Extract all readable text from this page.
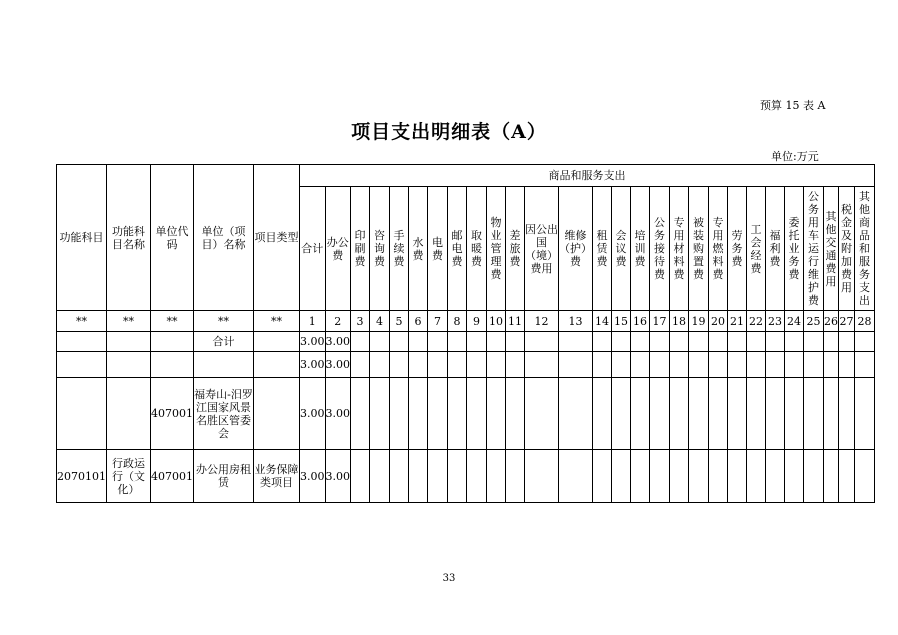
预算 15 表 A
项目支出明细表（A）
单位:万元
功能科目	功能科目名称	单位代码	单位（项目）名称	项目类型	商品和服务支出																											
					合计	办公费	印刷费	咨询费	手续费	水费	电费	邮电费	取暖费	物业管理费	差旅费	因公出国（境）费用	维修（护）费	租赁费	会议费	培训费	公务接待费	专用材料费	被装购置费	专用燃料费	劳务费	工会经费	福利费	委托业务费	公务用车运行维护费	其他交通费用	税金及附加费用	其他商品和服务支出
**	**	**	**	**	1	2	3	4	5	6	7	8	9	10	11	12	13	14	15	16	17	18	19	20	21	22	23	24	25	26	27	28
			合计		3.00	3.00																										
					3.00	3.00																										
		407001	福寿山-汨罗江国家风景名胜区管委会		3.00	3.00																										
2070101	行政运行（文化）	407001	办公用房租赁	业务保障类项目	3.00	3.00																										
33
